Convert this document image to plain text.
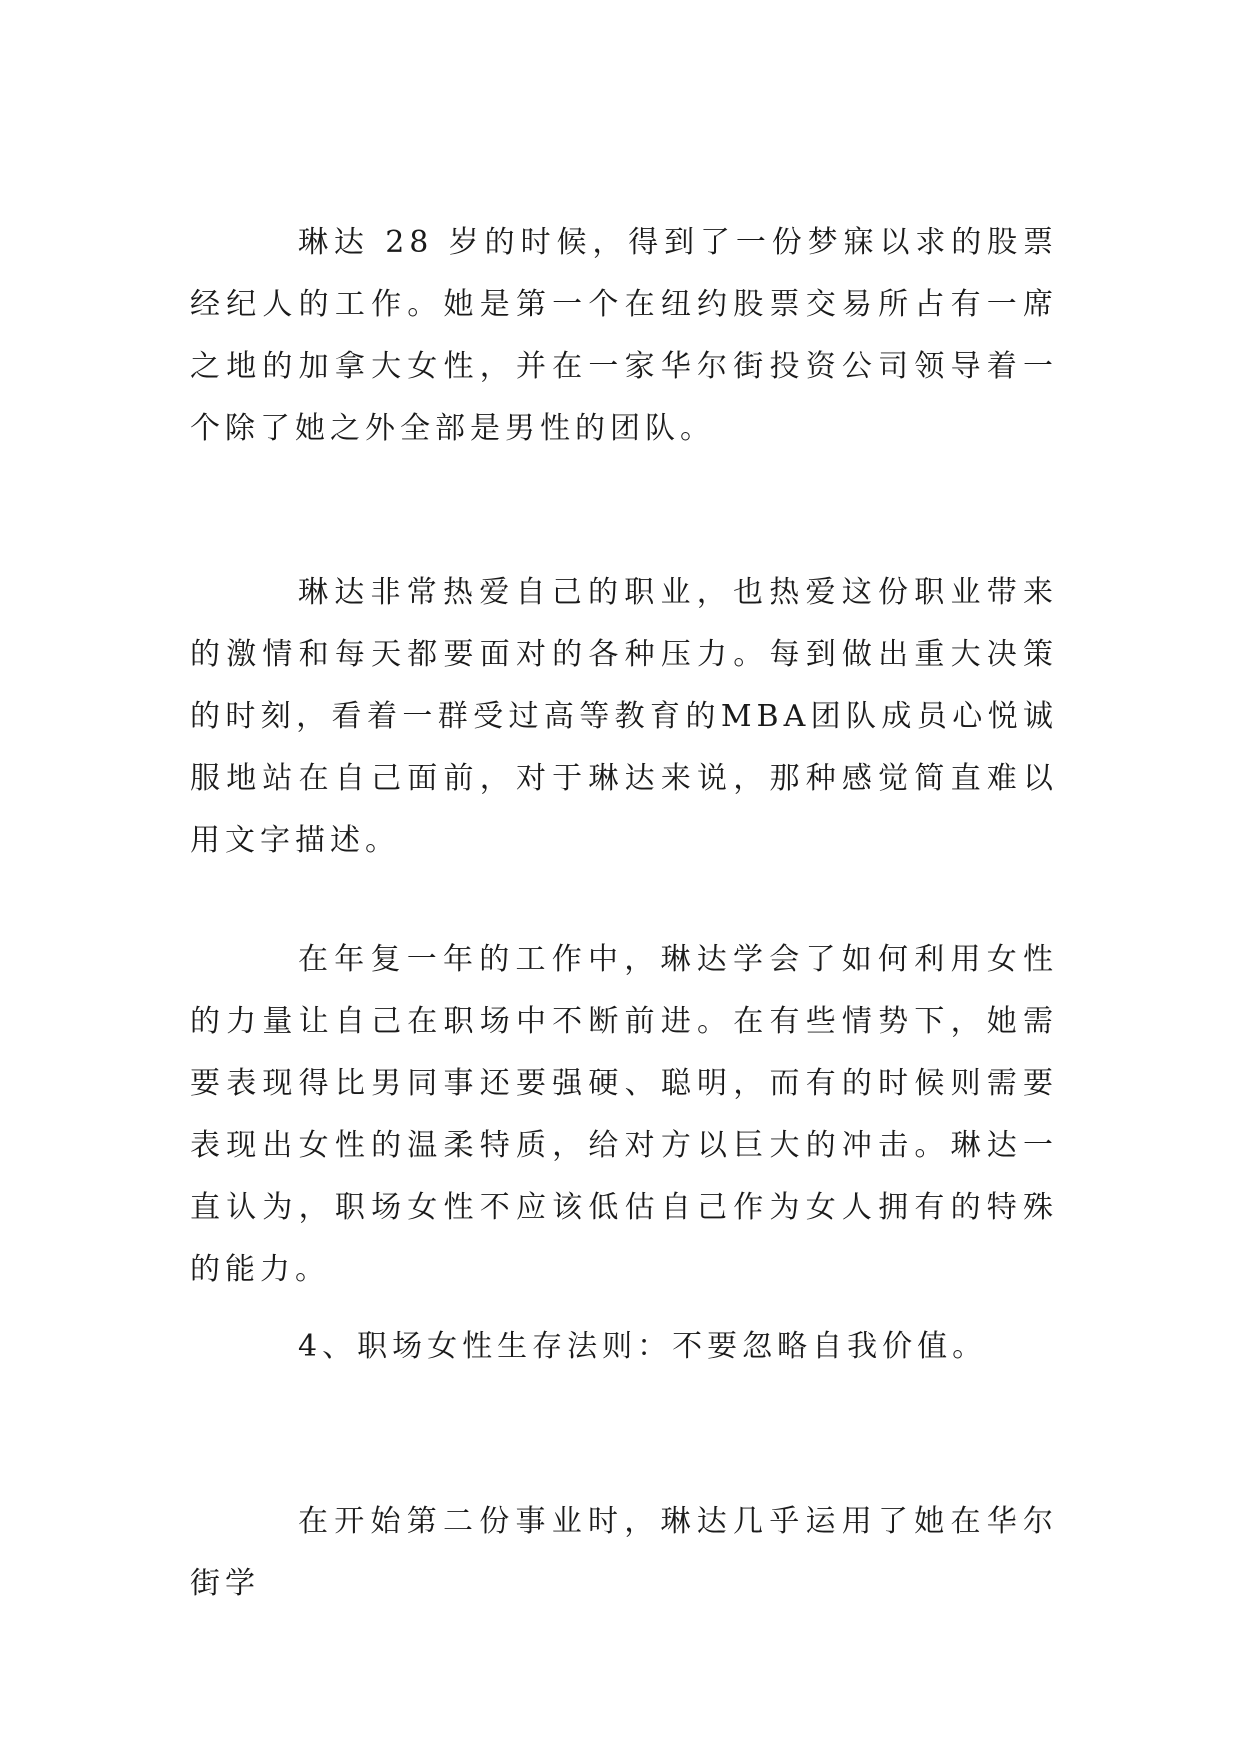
琳达 28 岁的时候，得到了一份梦寐以求的股票经纪人的工作。她是第一个在纽约股票交易所占有一席之地的加拿大女性，并在一家华尔街投资公司领导着一个除了她之外全部是男性的团队。

琳达非常热爱自己的职业，也热爱这份职业带来的激情和每天都要面对的各种压力。每到做出重大决策的时刻，看着一群受过高等教育的MBA团队成员心悦诚服地站在自己面前，对于琳达来说，那种感觉简直难以用文字描述。

在年复一年的工作中，琳达学会了如何利用女性的力量让自己在职场中不断前进。在有些情势下，她需要表现得比男同事还要强硬、聪明，而有的时候则需要表现出女性的温柔特质，给对方以巨大的冲击。琳达一直认为，职场女性不应该低估自己作为女人拥有的特殊的能力。

4、职场女性生存法则：不要忽略自我价值。

在开始第二份事业时，琳达几乎运用了她在华尔街学
